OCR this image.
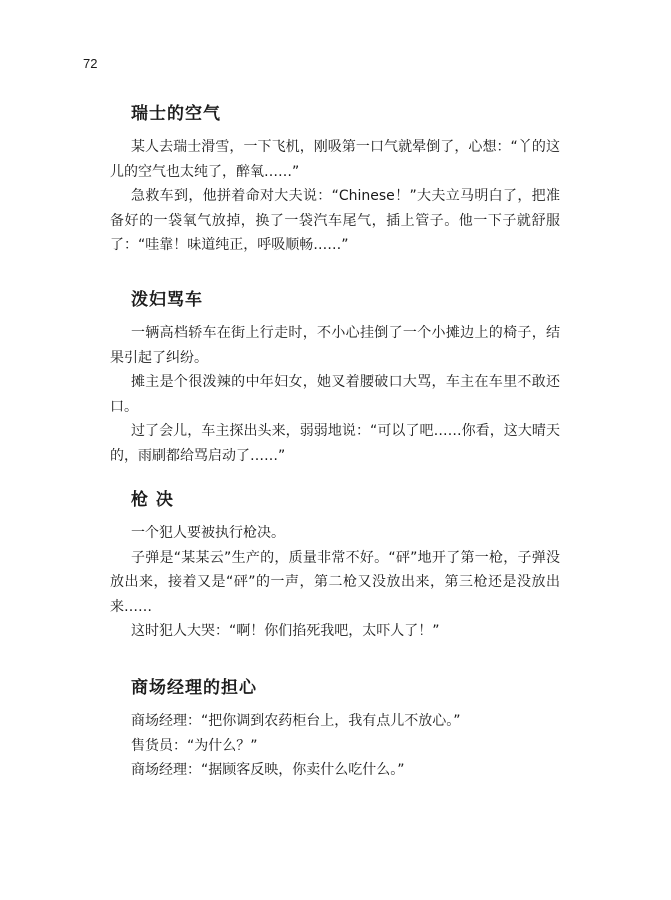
72
瑞士的空气

某人去瑞士滑雪，一下飞机，刚吸第一口气就晕倒了，心想：“丫的这儿的空气也太纯了，醉氧……”

急救车到，他拼着命对大夫说：“Chinese！”大夫立马明白了，把准备好的一袋氧气放掉，换了一袋汽车尾气，插上管子。他一下子就舒服了：“哇靠！味道纯正，呼吸顺畅……”

泼妇骂车

一辆高档轿车在街上行走时，不小心挂倒了一个小摊边上的椅子，结果引起了纠纷。

摊主是个很泼辣的中年妇女，她叉着腰破口大骂，车主在车里不敢还口。

过了会儿，车主探出头来，弱弱地说：“可以了吧……你看，这大晴天的，雨刷都给骂启动了……”

枪 决

一个犯人要被执行枪决。

子弹是“某某云”生产的，质量非常不好。“砰”地开了第一枪，子弹没放出来，接着又是“砰”的一声，第二枪又没放出来，第三枪还是没放出来……

这时犯人大哭：“啊！你们掐死我吧，太吓人了！”

商场经理的担心

商场经理：“把你调到农药柜台上，我有点儿不放心。”

售货员：“为什么？”

商场经理：“据顾客反映，你卖什么吃什么。”
